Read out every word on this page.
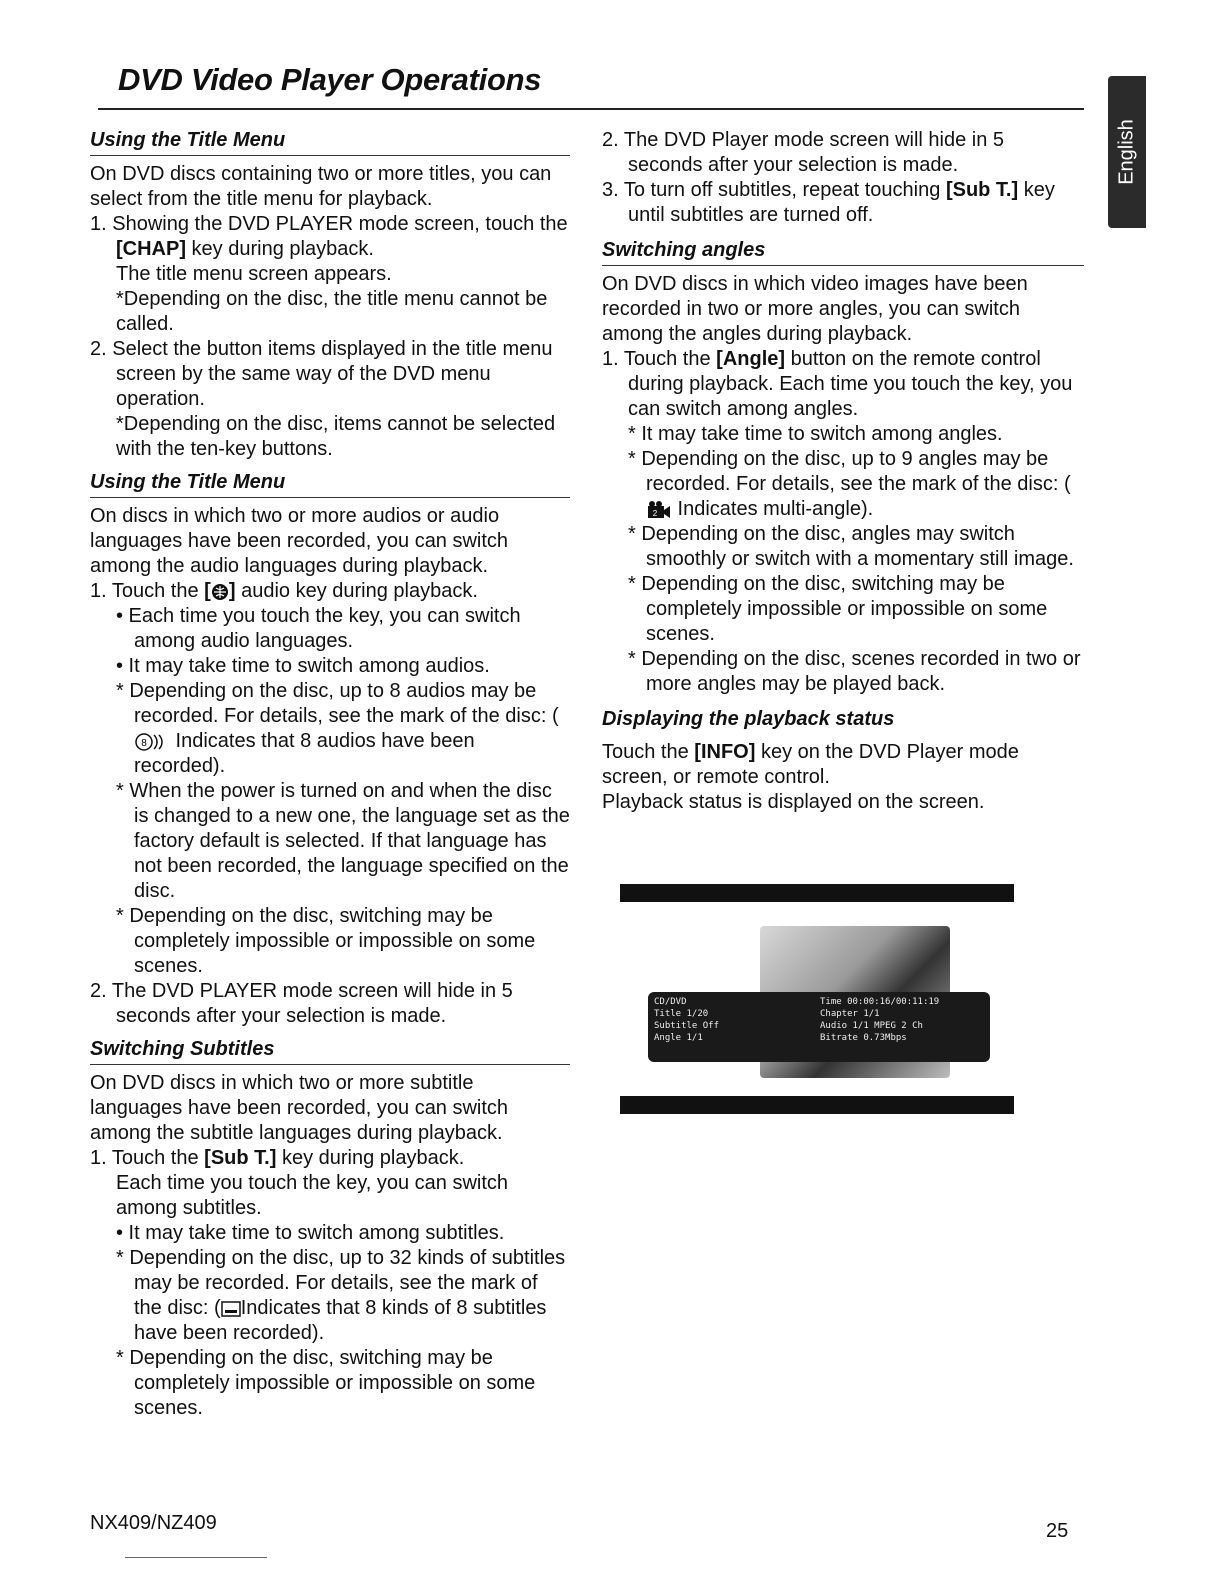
DVD Video Player Operations
English
Using the Title Menu

On DVD discs containing two or more titles, you can select from the title menu for playback.

1. Showing the DVD PLAYER mode screen, touch the [CHAP] key during playback.

The title menu screen appears.

*Depending on the disc, the title menu cannot be called.

2. Select the button items displayed in the title menu screen by the same way of the DVD menu operation.

*Depending on the disc, items cannot be selected with the ten-key buttons.

Using the Title Menu

On discs in which two or more audios or audio languages have been recorded, you can switch among the audio languages during playback.

1. Touch the [ ] audio key during playback.

• Each time you touch the key, you can switch among audio languages.

• It may take time to switch among audios.

* Depending on the disc, up to 8 audios may be recorded. For details, see the mark of the disc: (
8 Indicates that 8 audios have been recorded).

* When the power is turned on and when the disc is changed to a new one, the language set as the factory default is selected. If that language has not been recorded, the language specified on the disc.

* Depending on the disc, switching may be completely impossible or impossible on some scenes.

2. The DVD PLAYER mode screen will hide in 5 seconds after your selection is made.

Switching Subtitles

On DVD discs in which two or more subtitle languages have been recorded, you can switch among the subtitle languages during playback.

1. Touch the [Sub T.] key during playback.

Each time you touch the key, you can switch among subtitles.

• It may take time to switch among subtitles.

* Depending on the disc, up to 32 kinds of subtitles may be recorded. For details, see the mark of the disc: ( Indicates that 8 kinds of 8 subtitles have been recorded).

* Depending on the disc, switching may be completely impossible or impossible on some scenes.

2. The DVD Player mode screen will hide in 5 seconds after your selection is made.

3. To turn off subtitles, repeat touching [Sub T.] key until subtitles are turned off.

Switching angles

On DVD discs in which video images have been recorded in two or more angles, you can switch among the angles during playback.

1. Touch the [Angle] button on the remote control during playback. Each time you touch the key, you can switch among angles.

* It may take time to switch among angles.

* Depending on the disc, up to 9 angles may be recorded. For details, see the mark of the disc: (
2 Indicates multi-angle).

* Depending on the disc, angles may switch smoothly or switch with a momentary still image.

* Depending on the disc, switching may be completely impossible or impossible on some scenes.

* Depending on the disc, scenes recorded in two or more angles may be played back.

Displaying the playback status

Touch the [INFO] key on the DVD Player mode screen, or remote control.

Playback status is displayed on the screen.

CD/DVD
Title 1/20
Subtitle Off
Angle 1/1
Time 00:00:16/00:11:19
Chapter 1/1
Audio 1/1 MPEG 2 Ch
Bitrate 0.73Mbps
NX409/NZ409	25
